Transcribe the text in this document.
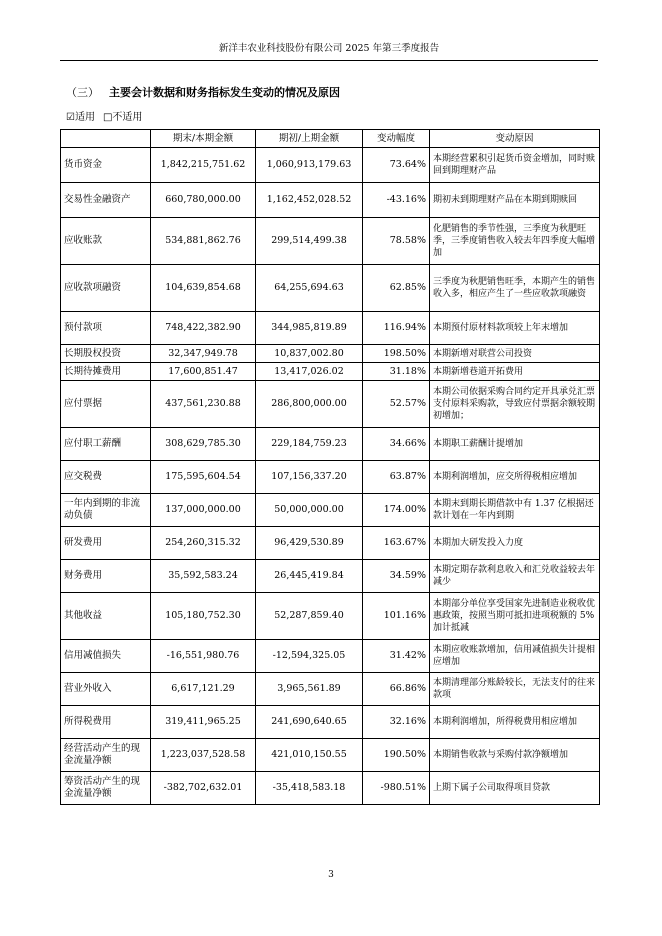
新洋丰农业科技股份有限公司 2025 年第三季度报告
（三） 主要会计数据和财务指标发生变动的情况及原因
☑适用 □不适用
	期末/本期金额	期初/上期金额	变动幅度	变动原因
货币资金	1,842,215,751.62	1,060,913,179.63	73.64%	本期经营累积引起货币资金增加，同时赎回到期理财产品
交易性金融资产	660,780,000.00	1,162,452,028.52	-43.16%	期初未到期理财产品在本期到期赎回
应收账款	534,881,862.76	299,514,499.38	78.58%	化肥销售的季节性强，三季度为秋肥旺季，三季度销售收入较去年四季度大幅增加
应收款项融资	104,639,854.68	64,255,694.63	62.85%	三季度为秋肥销售旺季，本期产生的销售收入多，相应产生了一些应收款项融资
预付款项	748,422,382.90	344,985,819.89	116.94%	本期预付原材料款项较上年末增加
长期股权投资	32,347,949.78	10,837,002.80	198.50%	本期新增对联营公司投资
长期待摊费用	17,600,851.47	13,417,026.02	31.18%	本期新增巷道开拓费用
应付票据	437,561,230.88	286,800,000.00	52.57%	本期公司依据采购合同约定开具承兑汇票支付原料采购款，导致应付票据余额较期初增加；
应付职工薪酬	308,629,785.30	229,184,759.23	34.66%	本期职工薪酬计提增加
应交税费	175,595,604.54	107,156,337.20	63.87%	本期利润增加，应交所得税相应增加
一年内到期的非流动负债	137,000,000.00	50,000,000.00	174.00%	本期末到期长期借款中有 1.37 亿根据还款计划在一年内到期
研发费用	254,260,315.32	96,429,530.89	163.67%	本期加大研发投入力度
财务费用	35,592,583.24	26,445,419.84	34.59%	本期定期存款利息收入和汇兑收益较去年减少
其他收益	105,180,752.30	52,287,859.40	101.16%	本期部分单位享受国家先进制造业税收优惠政策，按照当期可抵扣进项税额的 5%加计抵减
信用减值损失	-16,551,980.76	-12,594,325.05	31.42%	本期应收账款增加，信用减值损失计提相应增加
营业外收入	6,617,121.29	3,965,561.89	66.86%	本期清理部分账龄较长，无法支付的往来款项
所得税费用	319,411,965.25	241,690,640.65	32.16%	本期利润增加，所得税费用相应增加
经营活动产生的现金流量净额	1,223,037,528.58	421,010,150.55	190.50%	本期销售收款与采购付款净额增加
筹资活动产生的现金流量净额	-382,702,632.01	-35,418,583.18	-980.51%	上期下属子公司取得项目贷款
3
